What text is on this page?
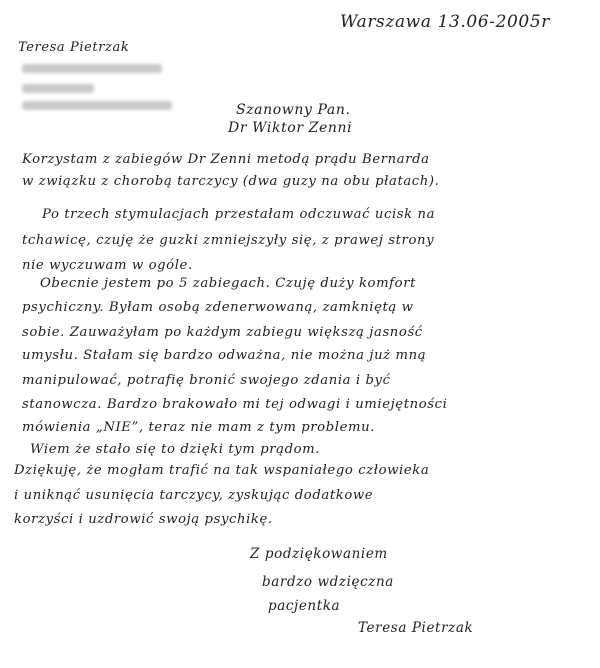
Warszawa 13.06-2005r
Teresa Pietrzak
Szanowny Pan.
Dr Wiktor Zenni
Korzystam z zabiegów Dr Zenni metodą prądu Bernarda
w związku z chorobą tarczycy (dwa guzy na obu płatach).
Po trzech stymulacjach przestałam odczuwać ucisk na
tchawicę, czuję że guzki zmniejszyły się, z prawej strony
nie wyczuwam w ogóle.
Obecnie jestem po 5 zabiegach. Czuję duży komfort
psychiczny. Byłam osobą zdenerwowaną, zamkniętą w
sobie. Zauważyłam po każdym zabiegu większą jasność
umysłu. Stałam się bardzo odważna, nie można już mną
manipulować, potrafię bronić swojego zdania i być
stanowcza. Bardzo brakowało mi tej odwagi i umiejętności
mówienia „NIE”, teraz nie mam z tym problemu.
Wiem że stało się to dzięki tym prądom.
Dziękuję, że mogłam trafić na tak wspaniałego człowieka
i uniknąć usunięcia tarczycy, zyskując dodatkowe
korzyści i uzdrowić swoją psychikę.
Z podziękowaniem
bardzo wdzięczna
pacjentka
Teresa Pietrzak
